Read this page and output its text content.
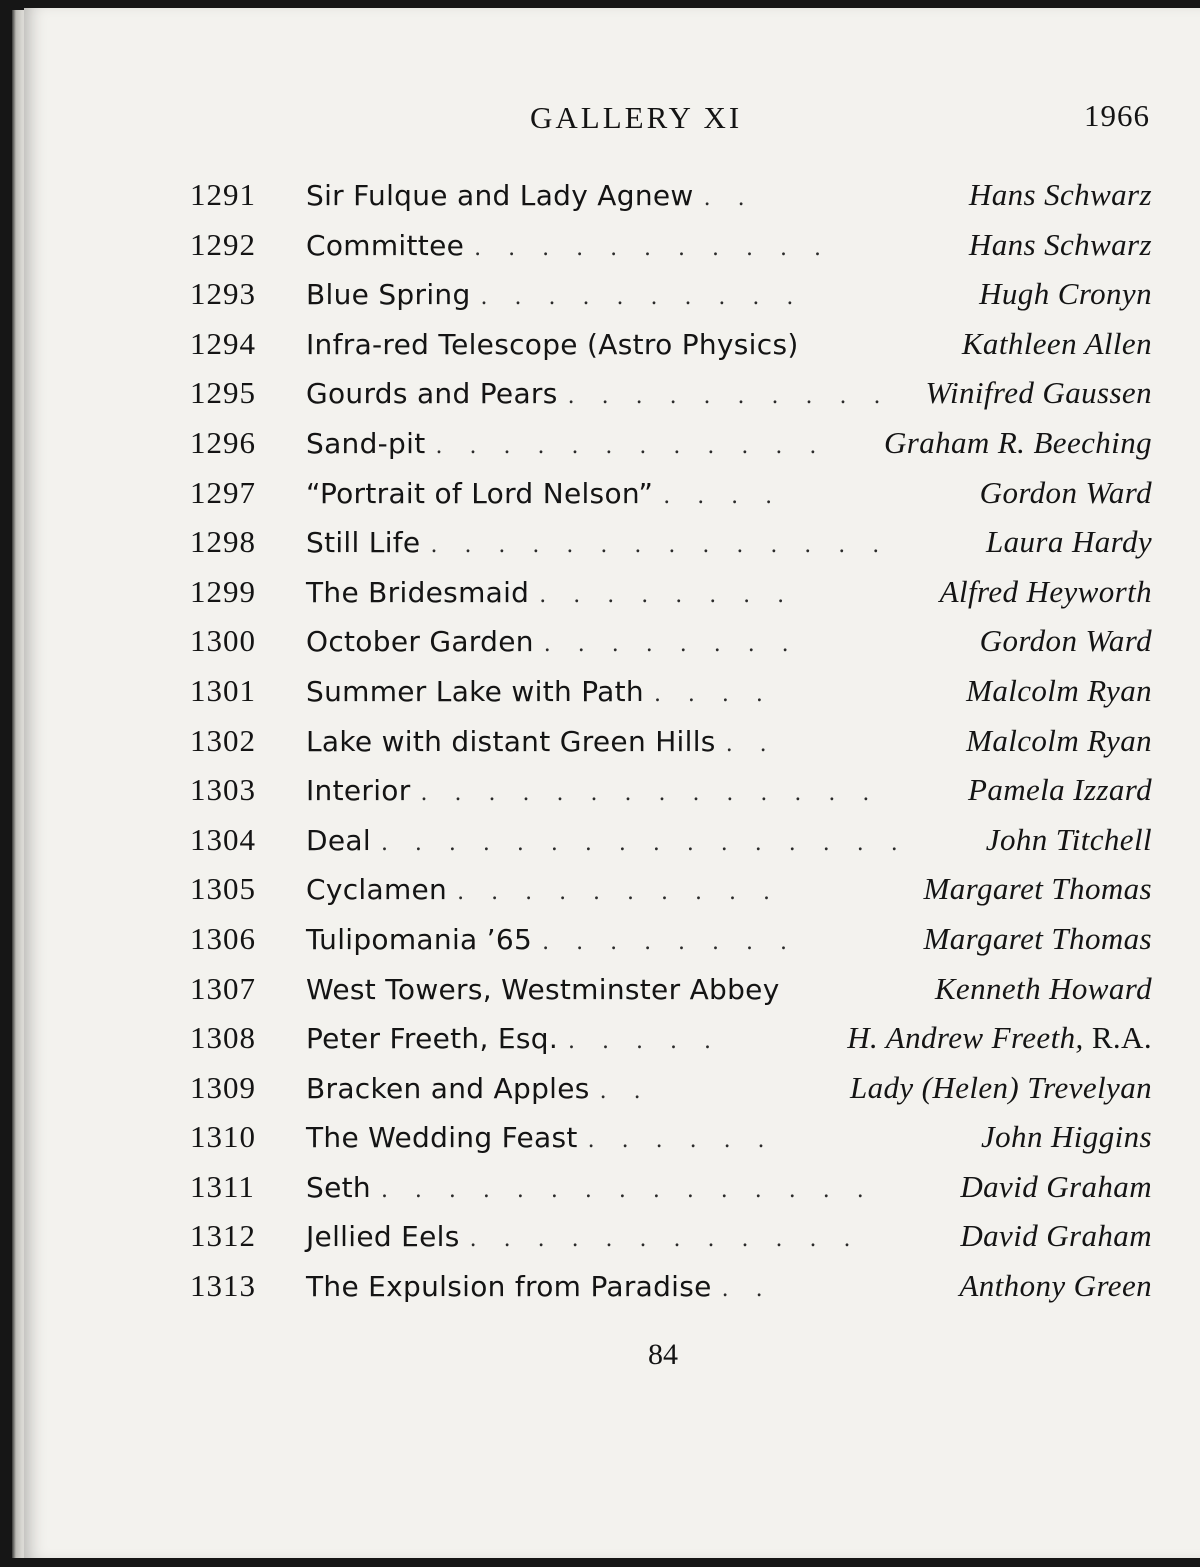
GALLERY XI	1966
1291	Sir Fulque and Lady Agnew . .	Hans Schwarz
1292	Committee . . . . . . . . . . .	Hans Schwarz
1293	Blue Spring . . . . . . . . . .	Hugh Cronyn
1294	Infra-red Telescope (Astro Physics)	Kathleen Allen
1295	Gourds and Pears . . . . . . . . . .	Winifred Gaussen
1296	Sand-pit . . . . . . . . . . . .	Graham R. Beeching
1297	“Portrait of Lord Nelson” . . . .	Gordon Ward
1298	Still Life . . . . . . . . . . . . . .	Laura Hardy
1299	The Bridesmaid . . . . . . . .	Alfred Heyworth
1300	October Garden . . . . . . . .	Gordon Ward
1301	Summer Lake with Path . . . .	Malcolm Ryan
1302	Lake with distant Green Hills . .	Malcolm Ryan
1303	Interior . . . . . . . . . . . . . .	Pamela Izzard
1304	Deal . . . . . . . . . . . . . . . .	John Titchell
1305	Cyclamen . . . . . . . . . .	Margaret Thomas
1306	Tulipomania ’65 . . . . . . . .	Margaret Thomas
1307	West Towers, Westminster Abbey	Kenneth Howard
1308	Peter Freeth, Esq. . . . . .	H. Andrew Freeth, R.A.
1309	Bracken and Apples . .	Lady (Helen) Trevelyan
1310	The Wedding Feast . . . . . .	John Higgins
1311	Seth . . . . . . . . . . . . . . .	David Graham
1312	Jellied Eels . . . . . . . . . . . .	David Graham
1313	The Expulsion from Paradise . .	Anthony Green
84
